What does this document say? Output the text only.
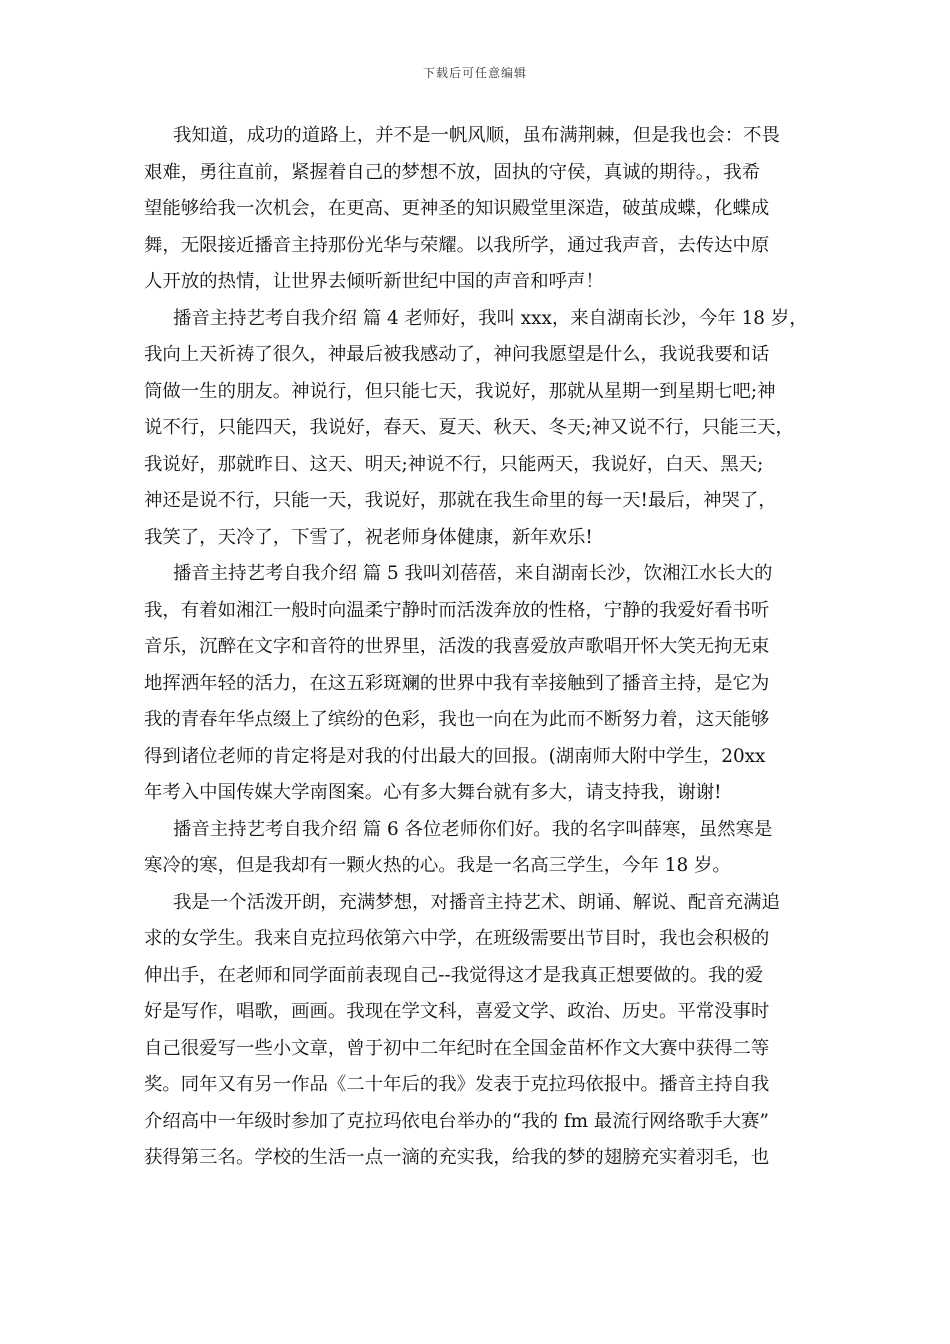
下载后可任意编辑
我知道，成功的道路上，并不是一帆风顺，虽布满荆棘，但是我也会：不畏
艰难，勇往直前，紧握着自己的梦想不放，固执的守侯，真诚的期待。，我希
望能够给我一次机会，在更高、更神圣的知识殿堂里深造，破茧成蝶，化蝶成
舞，无限接近播音主持那份光华与荣耀。以我所学，通过我声音，去传达中原
人开放的热情，让世界去倾听新世纪中国的声音和呼声！
播音主持艺考自我介绍 篇 4 老师好，我叫 xxx，来自湖南长沙，今年 18 岁，
我向上天祈祷了很久，神最后被我感动了，神问我愿望是什么，我说我要和话
筒做一生的朋友。神说行，但只能七天，我说好，那就从星期一到星期七吧;神
说不行，只能四天，我说好，春天、夏天、秋天、冬天;神又说不行，只能三天，
我说好，那就昨日、这天、明天;神说不行，只能两天，我说好，白天、黑天;
神还是说不行，只能一天，我说好，那就在我生命里的每一天!最后，神哭了，
我笑了，天冷了，下雪了，祝老师身体健康，新年欢乐!
播音主持艺考自我介绍 篇 5 我叫刘蓓蓓，来自湖南长沙，饮湘江水长大的
我，有着如湘江一般时向温柔宁静时而活泼奔放的性格，宁静的我爱好看书听
音乐，沉醉在文字和音符的世界里，活泼的我喜爱放声歌唱开怀大笑无拘无束
地挥洒年轻的活力，在这五彩斑斓的世界中我有幸接触到了播音主持，是它为
我的青春年华点缀上了缤纷的色彩，我也一向在为此而不断努力着，这天能够
得到诸位老师的肯定将是对我的付出最大的回报。(湖南师大附中学生，20xx
年考入中国传媒大学南图案。心有多大舞台就有多大，请支持我，谢谢!
播音主持艺考自我介绍 篇 6 各位老师你们好。我的名字叫薛寒，虽然寒是
寒冷的寒，但是我却有一颗火热的心。我是一名高三学生，今年 18 岁。
我是一个活泼开朗，充满梦想，对播音主持艺术、朗诵、解说、配音充满追
求的女学生。我来自克拉玛依第六中学，在班级需要出节目时，我也会积极的
伸出手，在老师和同学面前表现自己--我觉得这才是我真正想要做的。我的爱
好是写作，唱歌，画画。我现在学文科，喜爱文学、政治、历史。平常没事时
自己很爱写一些小文章，曾于初中二年纪时在全国金苗杯作文大赛中获得二等
奖。同年又有另一作品《二十年后的我》发表于克拉玛依报中。播音主持自我
介绍高中一年级时参加了克拉玛依电台举办的“我的 fm 最流行网络歌手大赛”
获得第三名。学校的生活一点一滴的充实我，给我的梦的翅膀充实着羽毛，也
